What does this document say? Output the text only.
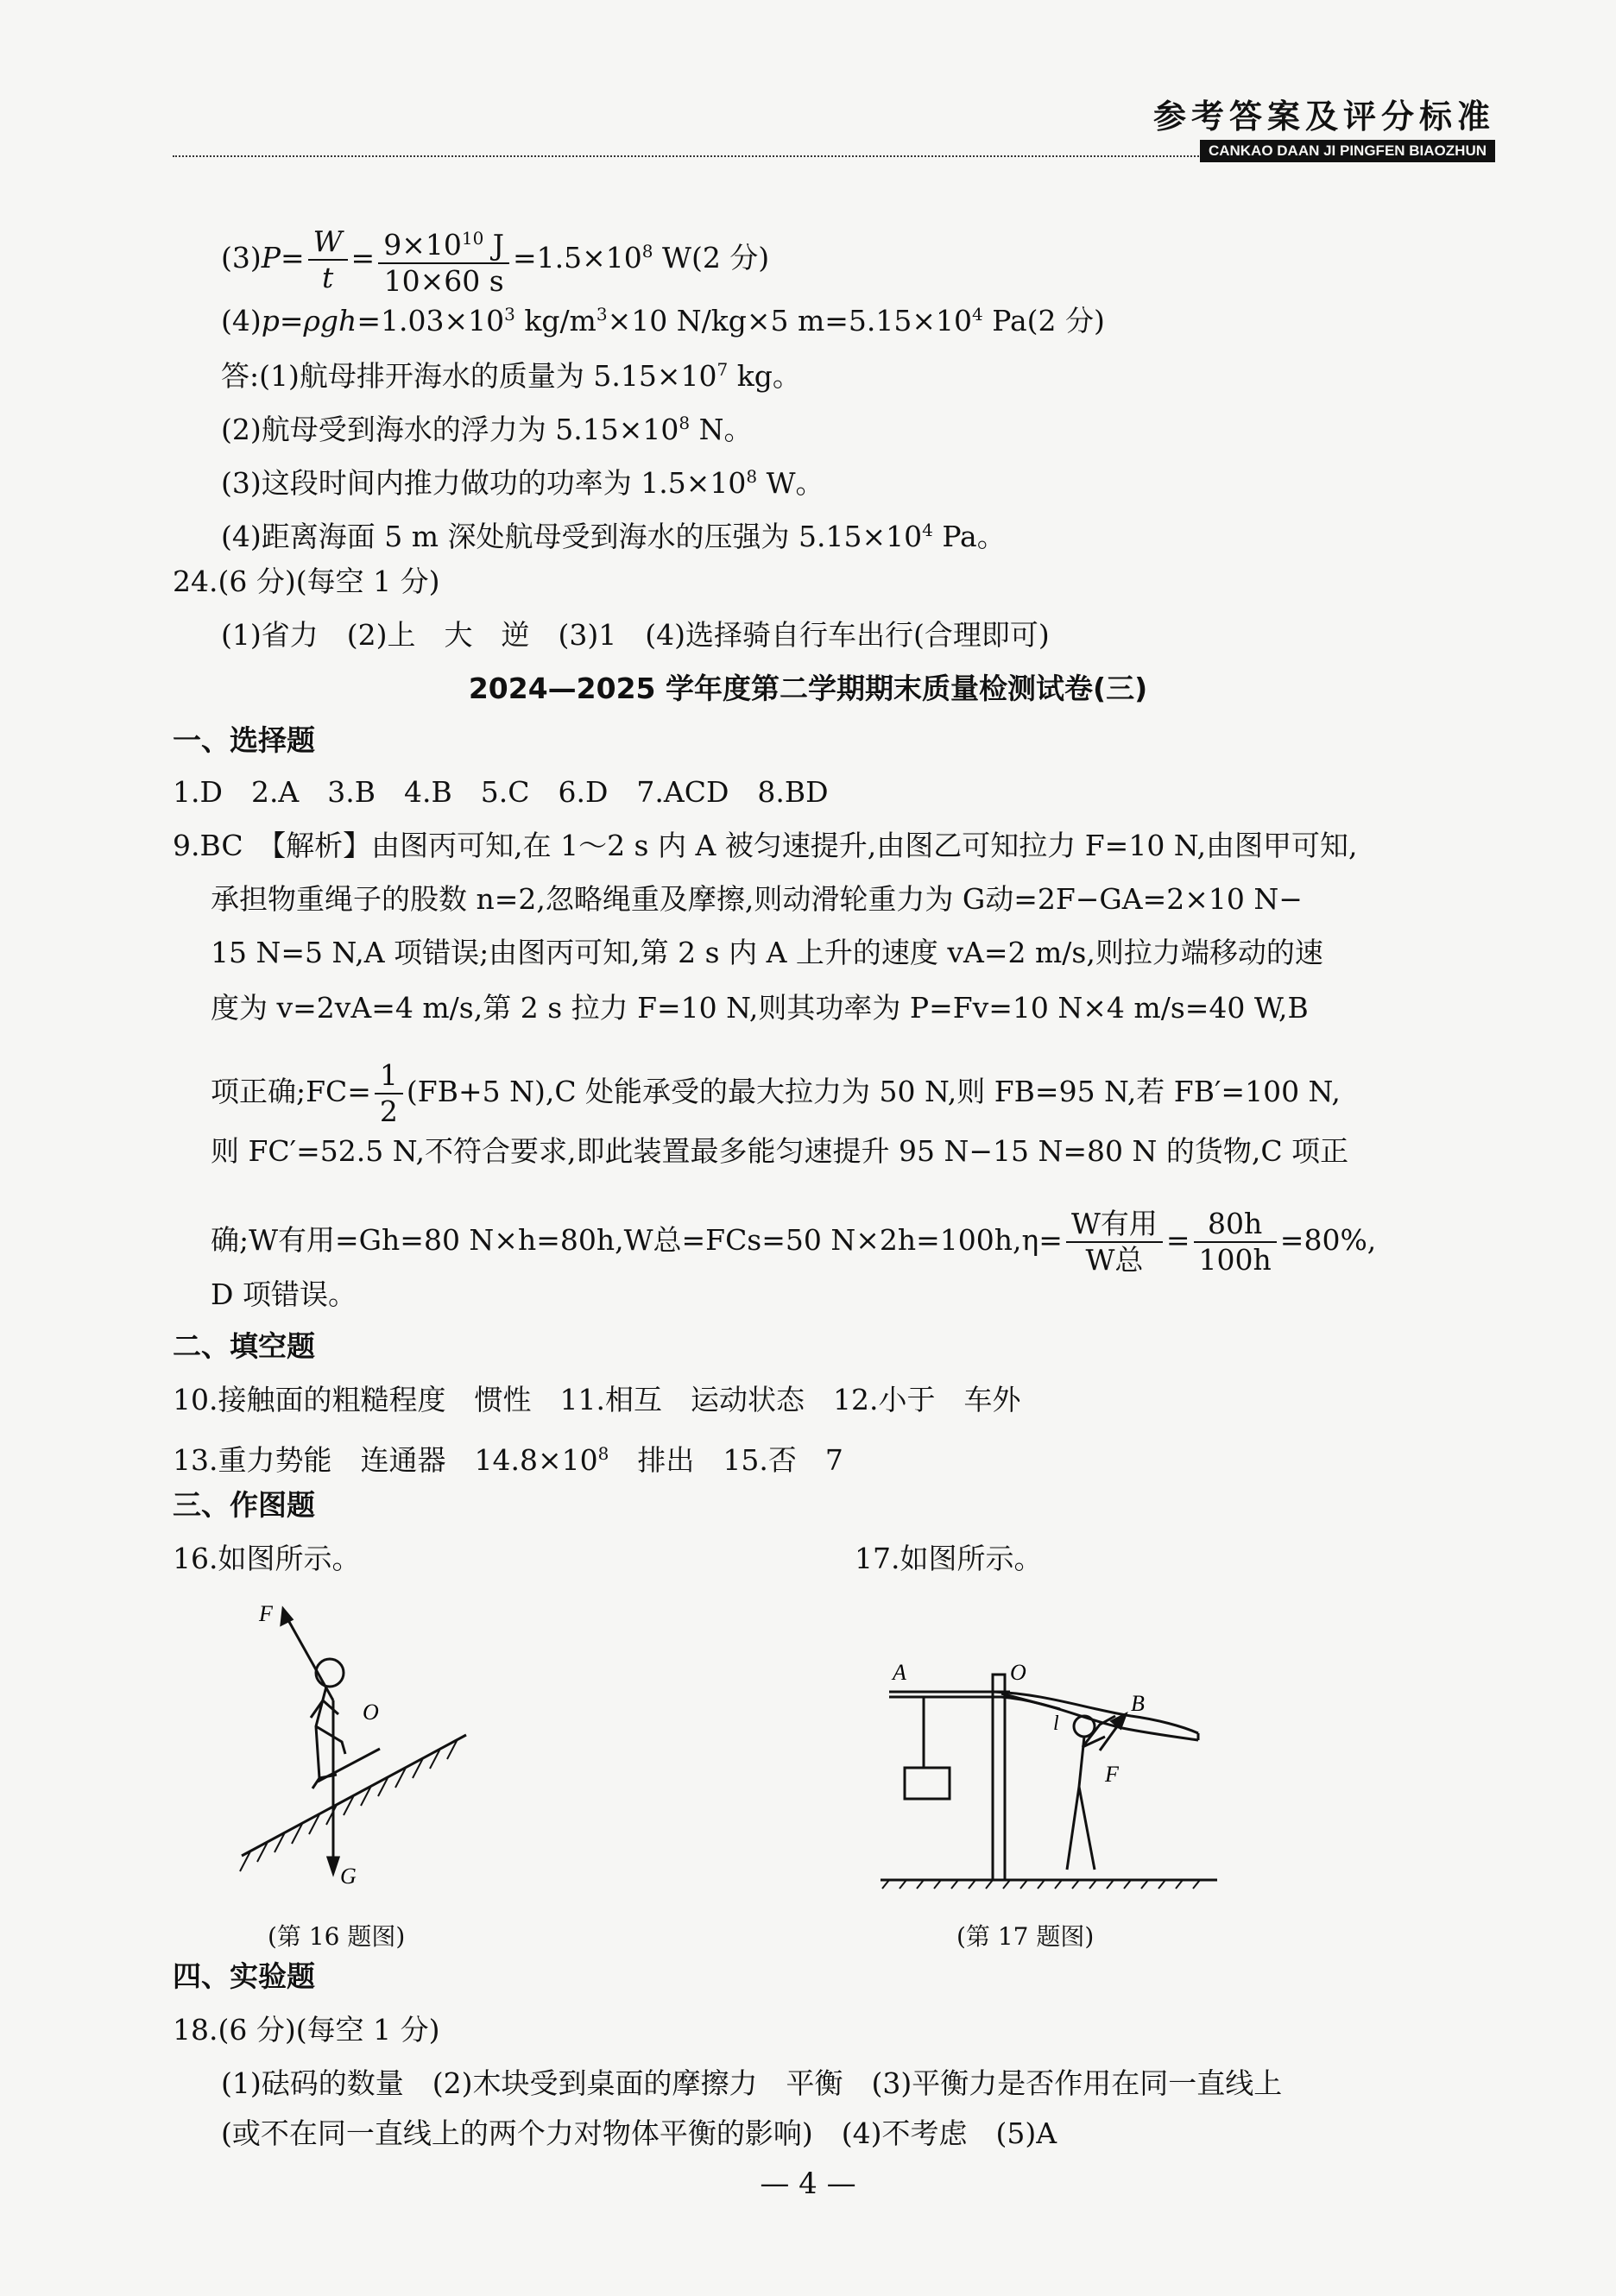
参考答案及评分标准
CANKAO DAAN JI PINGFEN BIAOZHUN
$(3)P= \frac{W}{t} = \frac{9\times 10^{10} J}{10\times 60 s} =1.5\times 10^8$ W(2 分)
$(4)p=\rho gh=1.03\times 10^3$ $kg/m^3\times 10$ N/kg×5 $m=5.15\times 10^4$ Pa(2 分)
答:(1)航母排开海水的质量为 $5.15\times 10^7$ kg。
(2)航母受到海水的浮力为 $5.15\times 10^8$ N。
(3)这段时间内推力做功的功率为 $1.5\times 10^8$ W。
(4)距离海面 5 m 深处航母受到海水的压强为 $5.15\times 10^4$ Pa。
24.(6 分)(每空 1 分)
(1)省力　(2)上　大　逆　(3)1　(4)选择骑自行车出行(合理即可)
2024—2025 学年度第二学期期末质量检测试卷(三)
一、选择题
1.D　2.A　3.B　4.B　5.C　6.D　7.ACD　8.BD
9.BC　【解析】由图丙可知,在 1～2 s 内 A 被匀速提升,由图乙可知拉力 F=10 N,由图甲可知,
承担物重绳子的股数 n=2,忽略绳重及摩擦,则动滑轮重力为 G动=2F−GA=2×10 N−
15 N=5 N,A 项错误;由图丙可知,第 2 s 内 A 上升的速度 vA=2 m/s,则拉力端移动的速
度为 v=2vA=4 m/s,第 2 s 拉力 F=10 N,则其功率为 P=Fv=10 N×4 m/s=40 W,B
项正确;FC= $\frac{1}{2} (FB+5$ N),C 处能承受的最大拉力为 50 N,则 FB=95 N,若 FB′=100 N,
则 FC′=52.5 N,不符合要求,即此装置最多能匀速提升 95 N−15 N=80 N 的货物,C 项正
确;W有用=Gh=80 N×h=80h,W总=FCs=50 $N\times 2h=100h,\eta= \frac{\text{W有用}}{\text{W总}} = \frac{80h}{100h} =80\%$,
D 项错误。
二、填空题
10.接触面的粗糙程度　惯性　11.相互　运动状态　12.小于　车外
13.重力势能　连通器　$14.8\times 10^8$　排出　15.否　7
三、作图题
16.如图所示。	17.如图所示。
F
O
G
(第 16 题图)
A	O
l
B
F
(第 17 题图)
四、实验题
18.(6 分)(每空 1 分)
(1)砝码的数量　(2)木块受到桌面的摩擦力　平衡　(3)平衡力是否作用在同一直线上
(或不在同一直线上的两个力对物体平衡的影响)　(4)不考虑　(5)A
— 4 —
